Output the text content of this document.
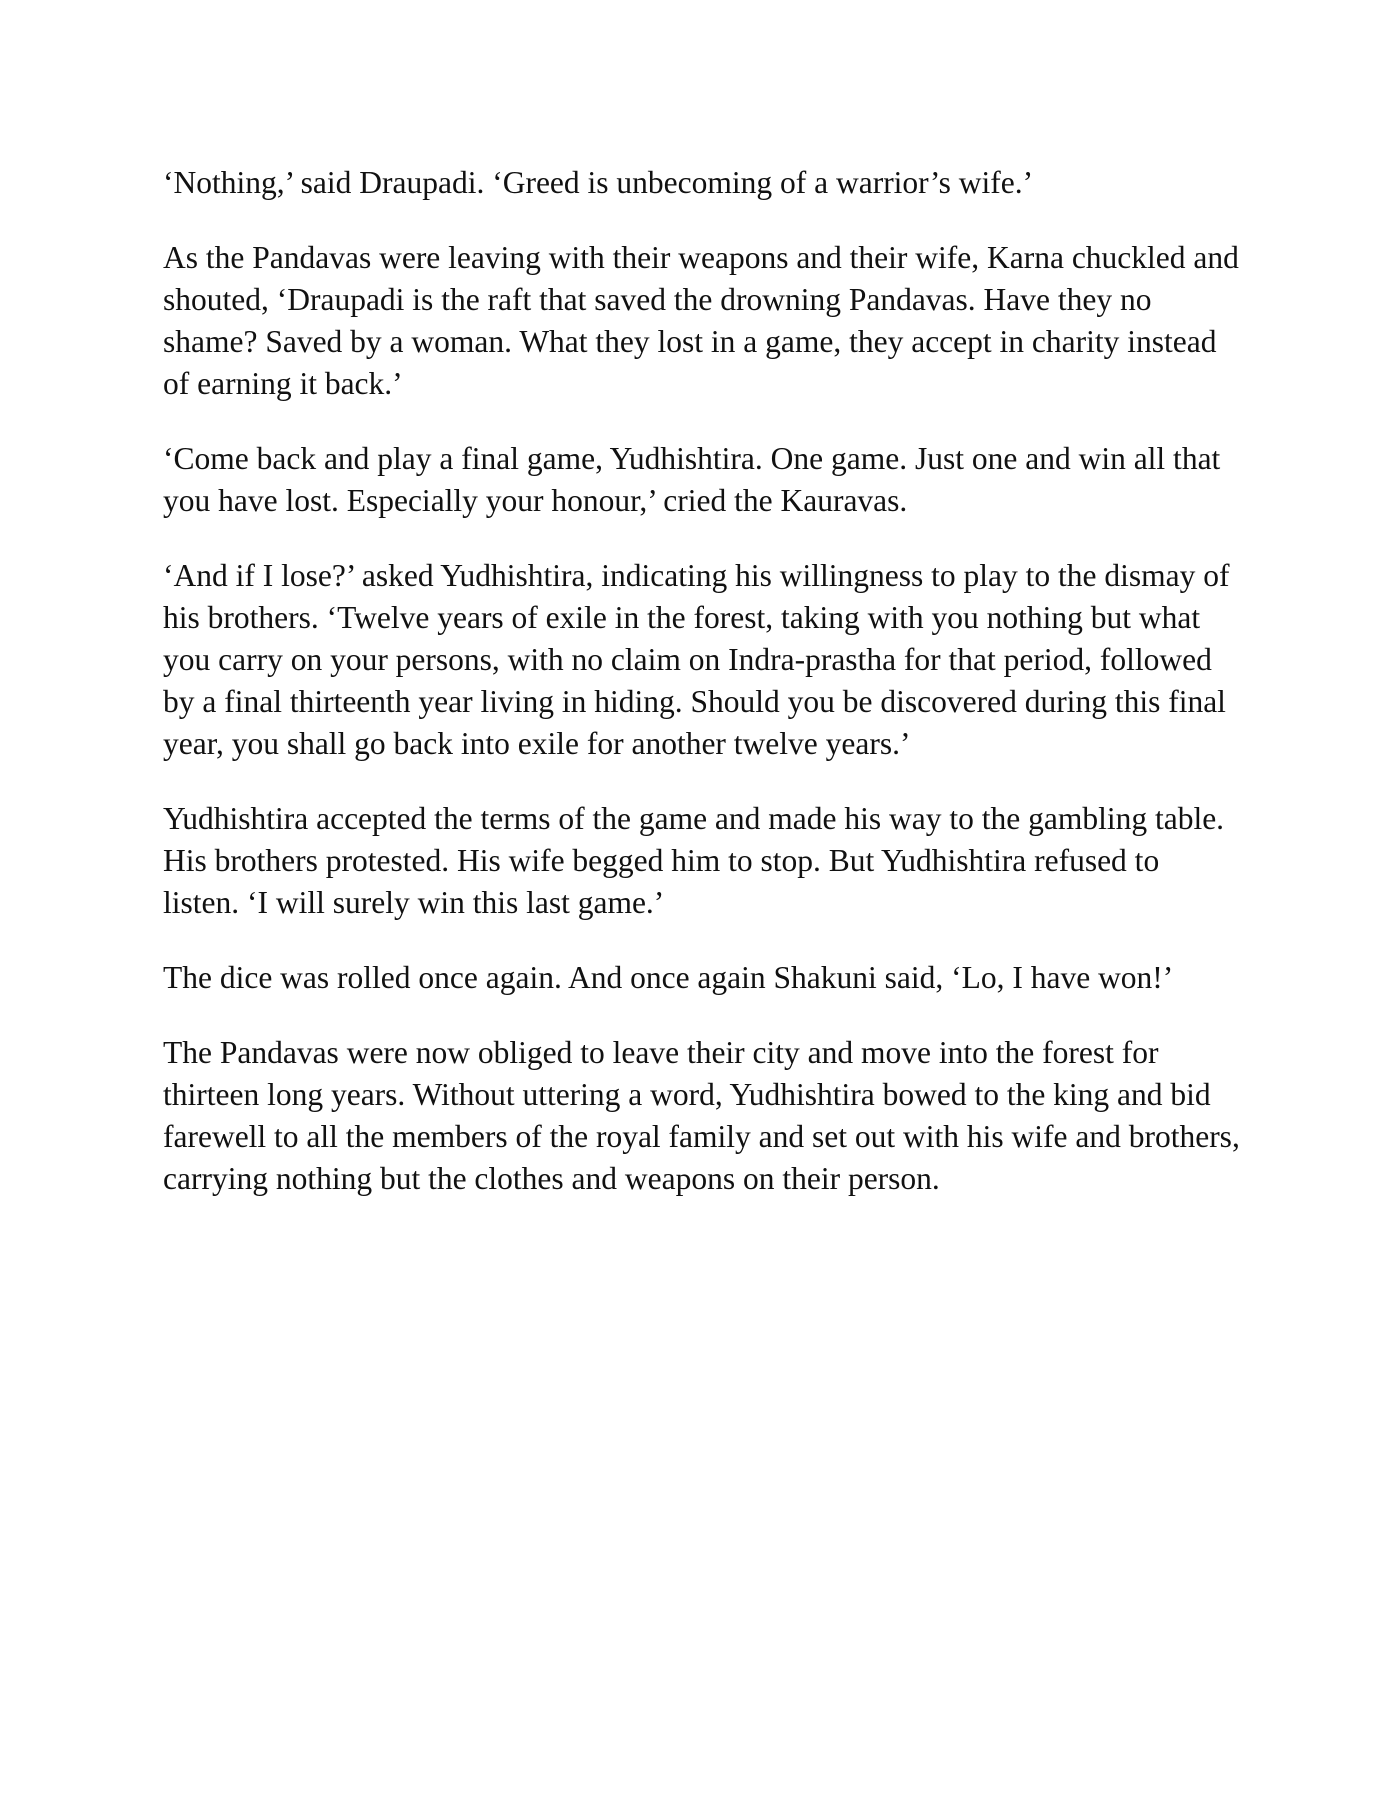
‘Nothing,’ said Draupadi. ‘Greed is unbecoming of a warrior’s wife.’

As the Pandavas were leaving with their weapons and their wife, Karna chuckled and shouted, ‘Draupadi is the raft that saved the drowning Pandavas. Have they no shame? Saved by a woman. What they lost in a game, they accept in charity instead of earning it back.’

‘Come back and play a final game, Yudhishtira. One game. Just one and win all that you have lost. Especially your honour,’ cried the Kauravas.

‘And if I lose?’ asked Yudhishtira, indicating his willingness to play to the dismay of his brothers. ‘Twelve years of exile in the forest, taking with you nothing but what you carry on your persons, with no claim on Indra-prastha for that period, followed by a final thirteenth year living in hiding. Should you be discovered during this final year, you shall go back into exile for another twelve years.’

Yudhishtira accepted the terms of the game and made his way to the gambling table. His brothers protested. His wife begged him to stop. But Yudhishtira refused to listen. ‘I will surely win this last game.’

The dice was rolled once again. And once again Shakuni said, ‘Lo, I have won!’

The Pandavas were now obliged to leave their city and move into the forest for thirteen long years. Without uttering a word, Yudhishtira bowed to the king and bid farewell to all the members of the royal family and set out with his wife and brothers, carrying nothing but the clothes and weapons on their person.
